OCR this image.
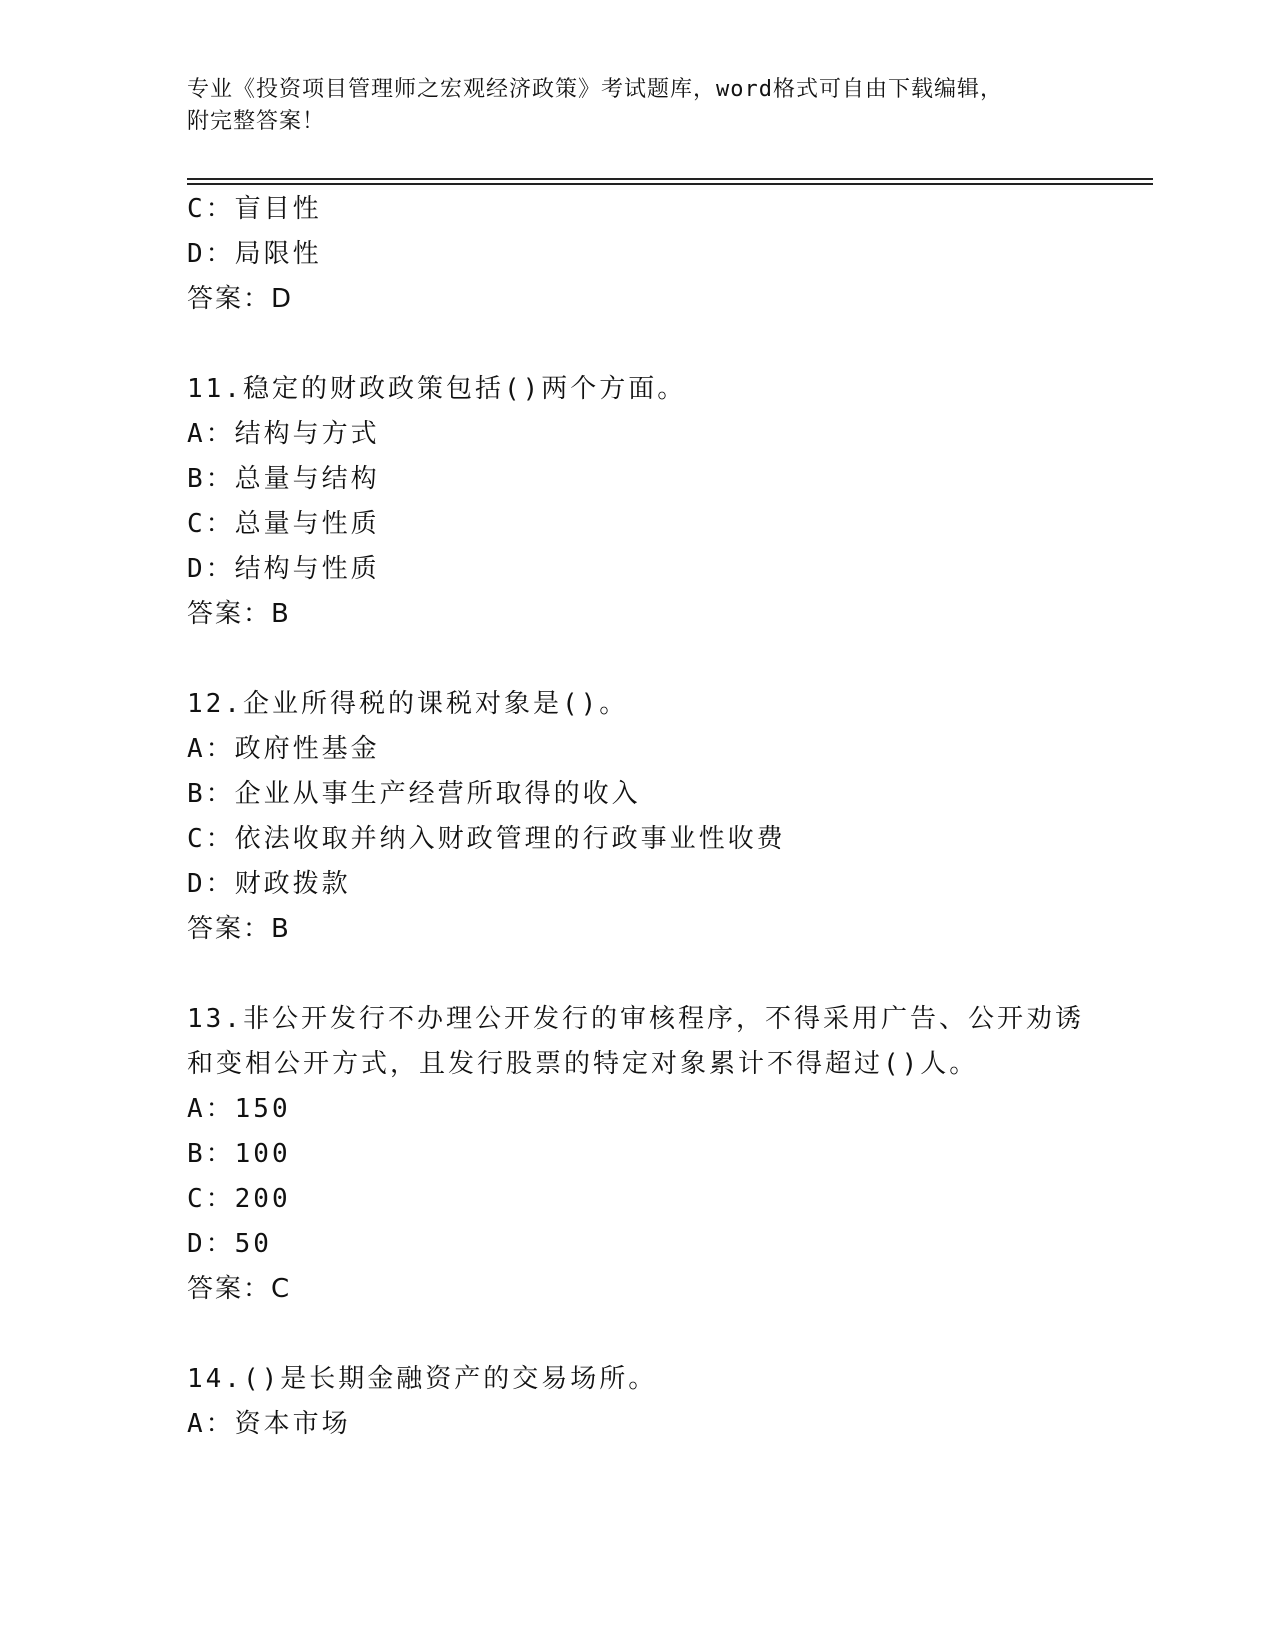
专业《投资项目管理师之宏观经济政策》考试题库，word格式可自由下载编辑，
附完整答案！
C：盲目性
D：局限性
答案：D
11.稳定的财政政策包括()两个方面。
A：结构与方式
B：总量与结构
C：总量与性质
D：结构与性质
答案：B
12.企业所得税的课税对象是()。
A：政府性基金
B：企业从事生产经营所取得的收入
C：依法收取并纳入财政管理的行政事业性收费
D：财政拨款
答案：B
13.非公开发行不办理公开发行的审核程序，不得采用广告、公开劝诱
和变相公开方式，且发行股票的特定对象累计不得超过()人。
A：150
B：100
C：200
D：50
答案：C
14.()是长期金融资产的交易场所。
A：资本市场
